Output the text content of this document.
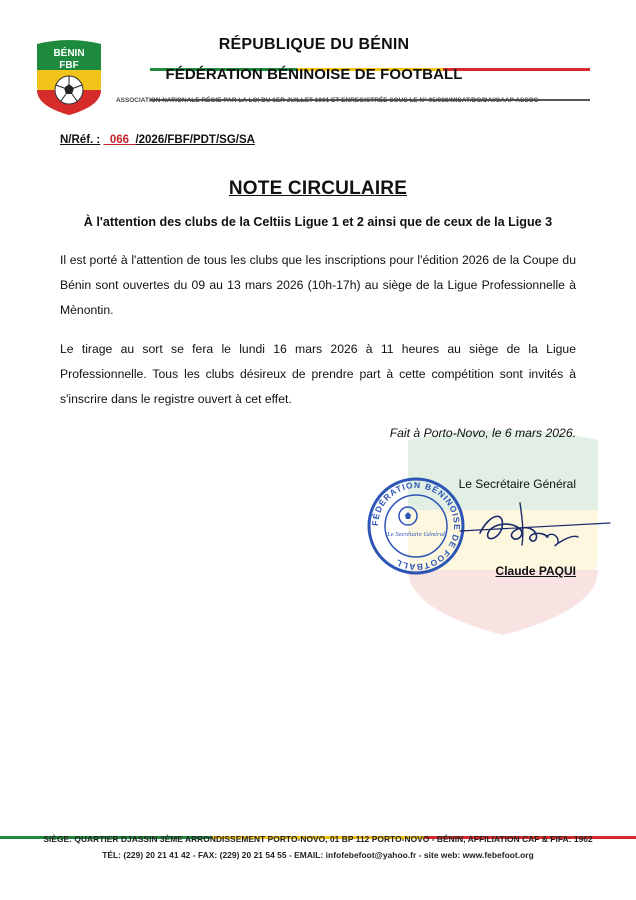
BÉNIN
FBF
RÉPUBLIQUE DU BÉNIN
FÉDÉRATION BÉNINOISE DE FOOTBALL
ASSOCIATION NATIONALE RÉGIE PAR LA LOI DU 1ER JUILLET 1901 ET ENREGISTRÉE SOUS LE N° 95/038/MISAT/DC/DAI/SAAP ASSOC
N/Réf. : _066_/2026/FBF/PDT/SG/SA
NOTE CIRCULAIRE
À l'attention des clubs de la Celtiis Ligue 1 et 2 ainsi que de ceux de la Ligue 3

Il est porté à l'attention de tous les clubs que les inscriptions pour l'édition 2026 de la Coupe du Bénin sont ouvertes du 09 au 13 mars 2026 (10h-17h) au siège de la Ligue Professionnelle à Mènontin.

Le tirage au sort se fera le lundi 16 mars 2026 à 11 heures au siège de la Ligue Professionnelle. Tous les clubs désireux de prendre part à cette compétition sont invités à s'inscrire dans le registre ouvert à cet effet.

Fait à Porto-Novo, le 6 mars 2026.
Le Secrétaire Général
FÉDÉRATION BÉNINOISE DE FOOTBALL
Le Secrétaire Général
Claude PAQUI
SIÈGE: QUARTIER DJASSIN 3ÈME ARRONDISSEMENT PORTO-NOVO, 01 BP 112 PORTO-NOVO - BÉNIN, AFFILIATION CAF & FIFA: 1962
TÉL: (229) 20 21 41 42 - FAX: (229) 20 21 54 55 - EMAIL: infofebefoot@yahoo.fr - site web: www.febefoot.org
